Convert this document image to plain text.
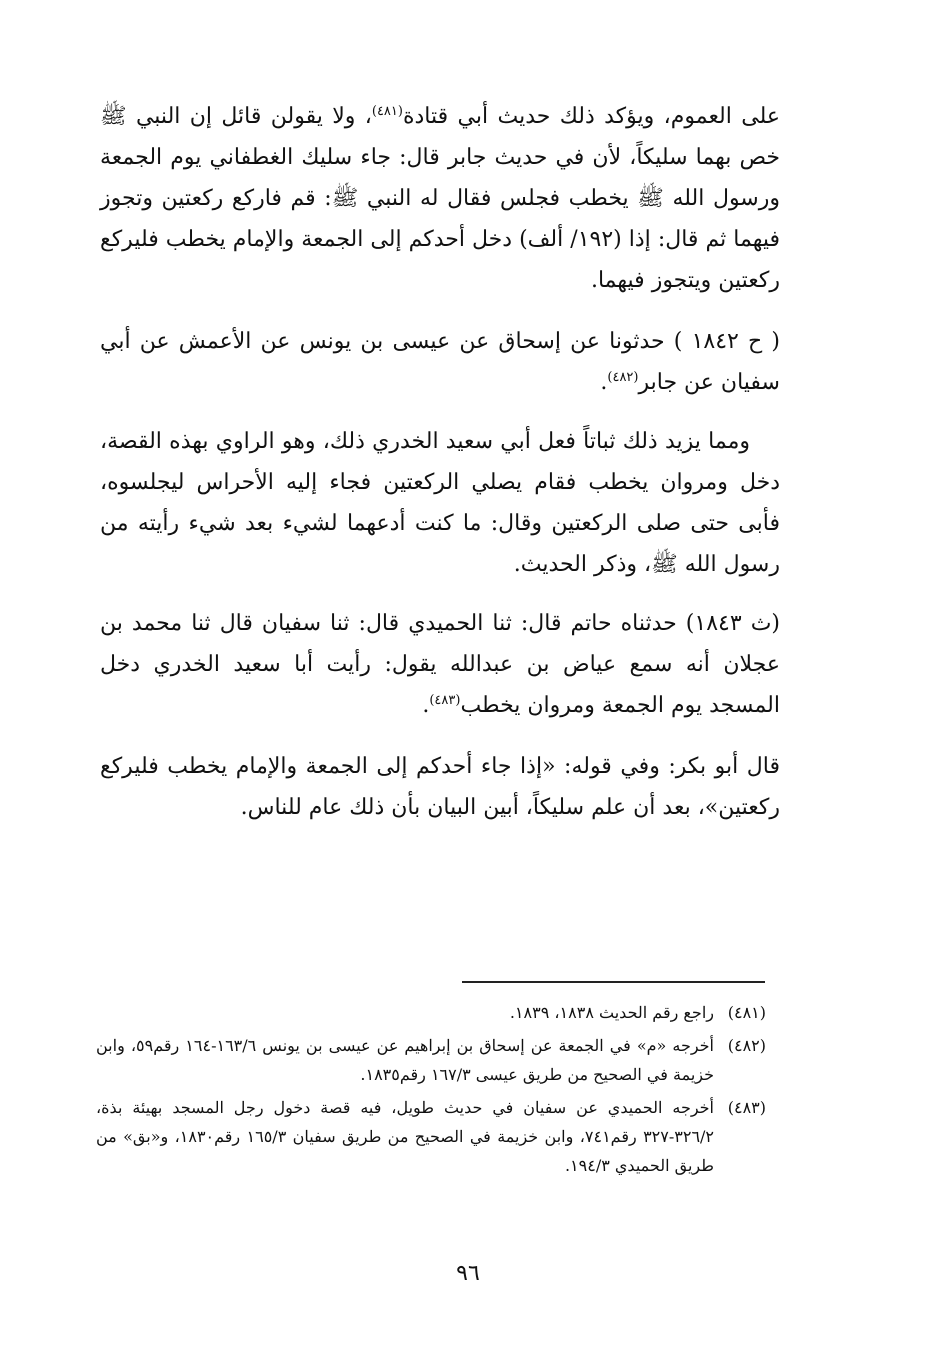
على العموم، ويؤكد ذلك حديث أبي قتادة$^{(٤٨١)}$، ولا يقولن قائل إن النبي ﷺ خص بهما سليكاً، لأن في حديث جابر قال: جاء سليك الغطفاني يوم الجمعة ورسول الله ﷺ يخطب فجلس فقال له النبي ﷺ: قم فاركع ركعتين وتجوز فيهما ثم قال: إذا (١٩٢/ ألف) دخل أحدكم إلى الجمعة والإمام يخطب فليركع ركعتين ويتجوز فيهما.

( ح ١٨٤٢ ) حدثونا عن إسحاق عن عيسى بن يونس عن الأعمش عن أبي سفيان عن جابر$^{(٤٨٢)}$.

ومما يزيد ذلك ثباتاً فعل أبي سعيد الخدري ذلك، وهو الراوي بهذه القصة، دخل ومروان يخطب فقام يصلي الركعتين فجاء إليه الأحراس ليجلسوه، فأبى حتى صلى الركعتين وقال: ما كنت أدعهما لشيء بعد شيء رأيته من رسول الله ﷺ، وذكر الحديث.

(ث ١٨٤٣) حدثناه حاتم قال: ثنا الحميدي قال: ثنا سفيان قال ثنا محمد بن عجلان أنه سمع عياض بن عبدالله يقول: رأيت أبا سعيد الخدري دخل المسجد يوم الجمعة ومروان يخطب$^{(٤٨٣)}$.

قال أبو بكر: وفي قوله: «إذا جاء أحدكم إلى الجمعة والإمام يخطب فليركع ركعتين»، بعد أن علم سليكاً، أبين البيان بأن ذلك عام للناس.

(٤٨١)
راجع رقم الحديث ١٨٣٨، ١٨٣٩.
(٤٨٢)
أخرجه «م» في الجمعة عن إسحاق بن إبراهيم عن عيسى بن يونس ١٦٣/٦-١٦٤ رقم٥٩، وابن خزيمة في الصحيح من طريق عيسى ١٦٧/٣ رقم١٨٣٥.
(٤٨٣)
أخرجه الحميدي عن سفيان في حديث طويل، فيه قصة دخول رجل المسجد بهيئة بذة، ٣٢٦/٢-٣٢٧ رقم٧٤١، وابن خزيمة في الصحيح من طريق سفيان ١٦٥/٣ رقم١٨٣٠، و«بق» من طريق الحميدي ١٩٤/٣.
٩٦
